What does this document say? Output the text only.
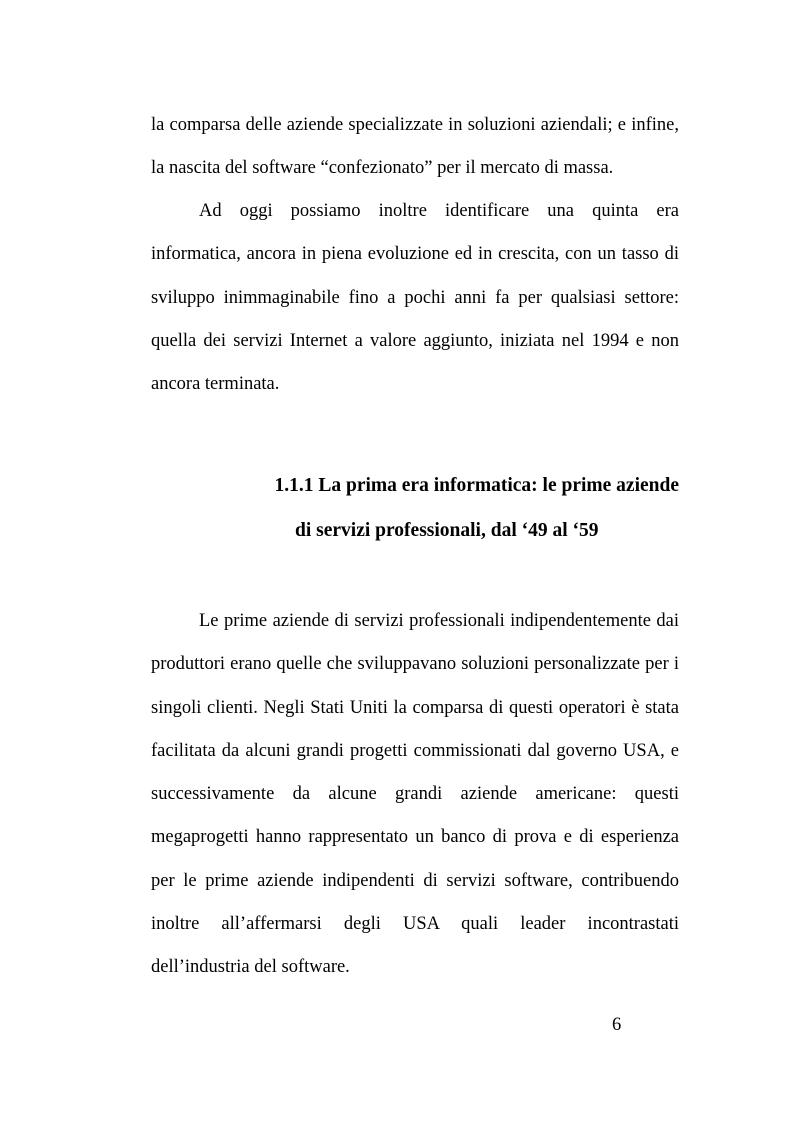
la comparsa delle aziende specializzate in soluzioni aziendali; e infine,
la nascita del software “confezionato” per il mercato di massa.
Ad oggi possiamo inoltre identificare una quinta era
informatica, ancora in piena evoluzione ed in crescita, con un tasso di
sviluppo inimmaginabile fino a pochi anni fa per qualsiasi settore:
quella dei servizi Internet a valore aggiunto, iniziata nel 1994 e non
ancora terminata.
1.1.1 La prima era informatica: le prime aziende
di servizi professionali, dal ‘49 al ‘59
Le prime aziende di servizi professionali indipendentemente dai
produttori erano quelle che sviluppavano soluzioni personalizzate per i
singoli clienti. Negli Stati Uniti la comparsa di questi operatori è stata
facilitata da alcuni grandi progetti commissionati dal governo USA, e
successivamente da alcune grandi aziende americane: questi
megaprogetti hanno rappresentato un banco di prova e di esperienza
per le prime aziende indipendenti di servizi software, contribuendo
inoltre all’affermarsi degli USA quali leader incontrastati
dell’industria del software.
6
